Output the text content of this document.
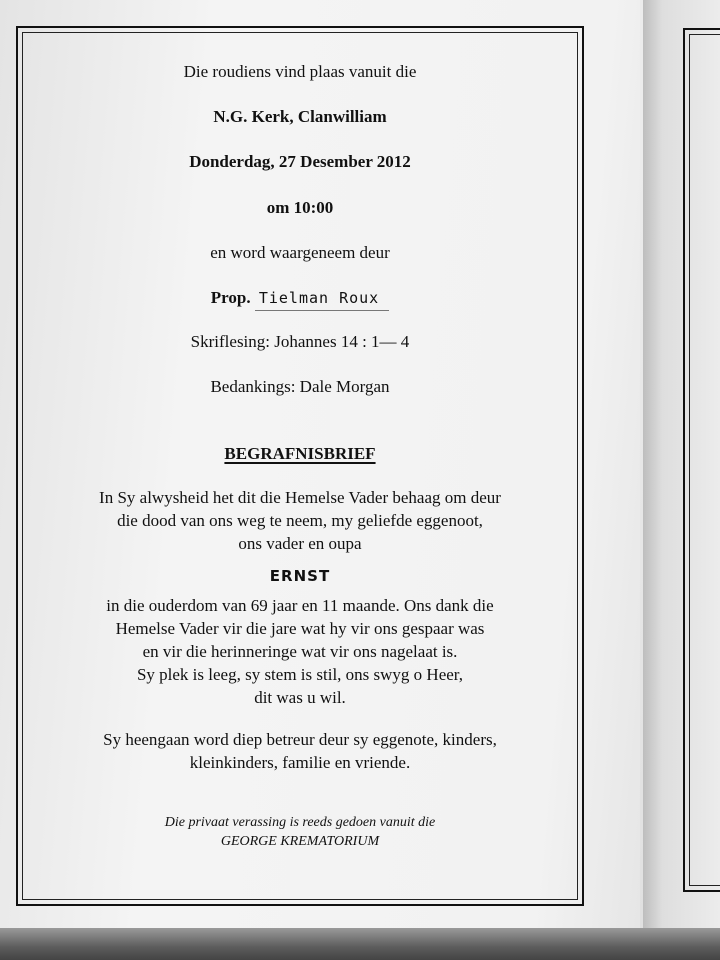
Die roudiens vind plaas vanuit die
N.G. Kerk, Clanwilliam
Donderdag, 27 Desember 2012
om 10:00
en word waargeneem deur
Prop. Tielman Roux
Skriflesing: Johannes 14 : 1— 4
Bedankings: Dale Morgan
BEGRAFNISBRIEF
In Sy alwysheid het dit die Hemelse Vader behaag om deur
die dood van ons weg te neem, my geliefde eggenoot,
ons vader en oupa
ERNST
in die ouderdom van 69 jaar en 11 maande. Ons dank die
Hemelse Vader vir die jare wat hy vir ons gespaar was
en vir die herinneringe wat vir ons nagelaat is.
Sy plek is leeg, sy stem is stil, ons swyg o Heer,
dit was u wil.
Sy heengaan word diep betreur deur sy eggenote, kinders,
kleinkinders, familie en vriende.
Die privaat verassing is reeds gedoen vanuit die
GEORGE KREMATORIUM
